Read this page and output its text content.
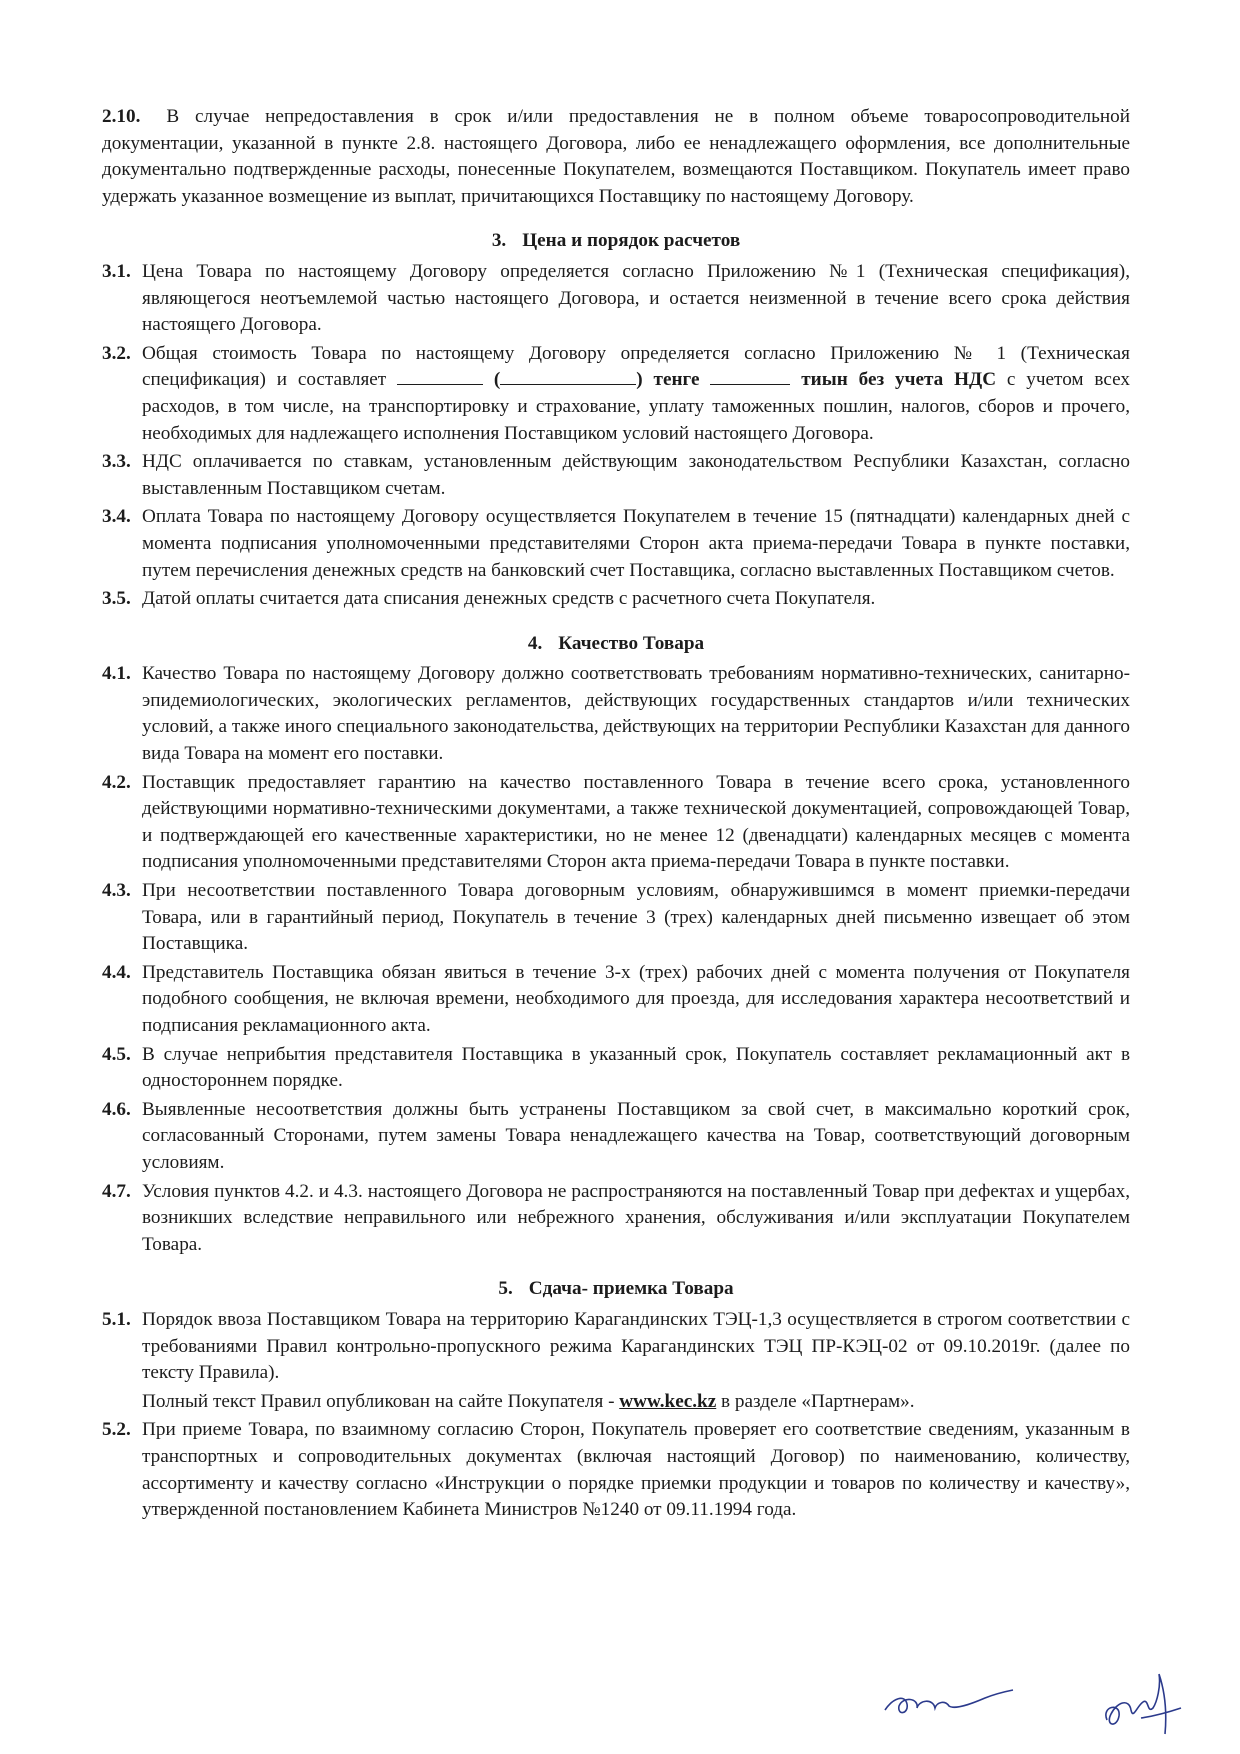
2.10. В случае непредоставления в срок и/или предоставления не в полном объеме товаросопроводительной документации, указанной в пункте 2.8. настоящего Договора, либо ее ненадлежащего оформления, все дополнительные документально подтвержденные расходы, понесенные Покупателем, возмещаются Поставщиком. Покупатель имеет право удержать указанное возмещение из выплат, причитающихся Поставщику по настоящему Договору.

3. Цена и порядок расчетов

3.1. Цена Товара по настоящему Договору определяется согласно Приложению №1 (Техническая спецификация), являющегося неотъемлемой частью настоящего Договора, и остается неизменной в течение всего срока действия настоящего Договора.

3.2. Общая стоимость Товара по настоящему Договору определяется согласно Приложению № 1 (Техническая спецификация) и составляет	(	) тенге	тиын без учета НДС с учетом всех расходов, в том числе, на транспортировку и страхование, уплату таможенных пошлин, налогов, сборов и прочего, необходимых для надлежащего исполнения Поставщиком условий настоящего Договора.

3.3. НДС оплачивается по ставкам, установленным действующим законодательством Республики Казахстан, согласно выставленным Поставщиком счетам.

3.4. Оплата Товара по настоящему Договору осуществляется Покупателем в течение 15 (пятнадцати) календарных дней с момента подписания уполномоченными представителями Сторон акта приема-передачи Товара в пункте поставки, путем перечисления денежных средств на банковский счет Поставщика, согласно выставленных Поставщиком счетов.

3.5. Датой оплаты считается дата списания денежных средств с расчетного счета Покупателя.

4. Качество Товара

4.1. Качество Товара по настоящему Договору должно соответствовать требованиям нормативно-технических, санитарно-эпидемиологических, экологических регламентов, действующих государственных стандартов и/или технических условий, а также иного специального законодательства, действующих на территории Республики Казахстан для данного вида Товара на момент его поставки.

4.2. Поставщик предоставляет гарантию на качество поставленного Товара в течение всего срока, установленного действующими нормативно-техническими документами, а также технической документацией, сопровождающей Товар, и подтверждающей его качественные характеристики, но не менее 12 (двенадцати) календарных месяцев с момента подписания уполномоченными представителями Сторон акта приема-передачи Товара в пункте поставки.

4.3. При несоответствии поставленного Товара договорным условиям, обнаружившимся в момент приемки-передачи Товара, или в гарантийный период, Покупатель в течение 3 (трех) календарных дней письменно извещает об этом Поставщика.

4.4. Представитель Поставщика обязан явиться в течение 3-х (трех) рабочих дней с момента получения от Покупателя подобного сообщения, не включая времени, необходимого для проезда, для исследования характера несоответствий и подписания рекламационного акта.

4.5. В случае неприбытия представителя Поставщика в указанный срок, Покупатель составляет рекламационный акт в одностороннем порядке.

4.6. Выявленные несоответствия должны быть устранены Поставщиком за свой счет, в максимально короткий срок, согласованный Сторонами, путем замены Товара ненадлежащего качества на Товар, соответствующий договорным условиям.

4.7. Условия пунктов 4.2. и 4.3. настоящего Договора не распространяются на поставленный Товар при дефектах и ущербах, возникших вследствие неправильного или небрежного хранения, обслуживания и/или эксплуатации Покупателем Товара.

5. Сдача- приемка Товара

5.1. Порядок ввоза Поставщиком Товара на территорию Карагандинских ТЭЦ-1,3 осуществляется в строгом соответствии с требованиями Правил контрольно-пропускного режима Карагандинских ТЭЦ ПР-КЭЦ-02 от 09.10.2019г. (далее по тексту Правила).

Полный текст Правил опубликован на сайте Покупателя - www.kec.kz в разделе «Партнерам».

5.2. При приеме Товара, по взаимному согласию Сторон, Покупатель проверяет его соответствие сведениям, указанным в транспортных и сопроводительных документах (включая настоящий Договор) по наименованию, количеству, ассортименту и качеству согласно «Инструкции о порядке приемки продукции и товаров по количеству и качеству», утвержденной постановлением Кабинета Министров №1240 от 09.11.1994 года.
